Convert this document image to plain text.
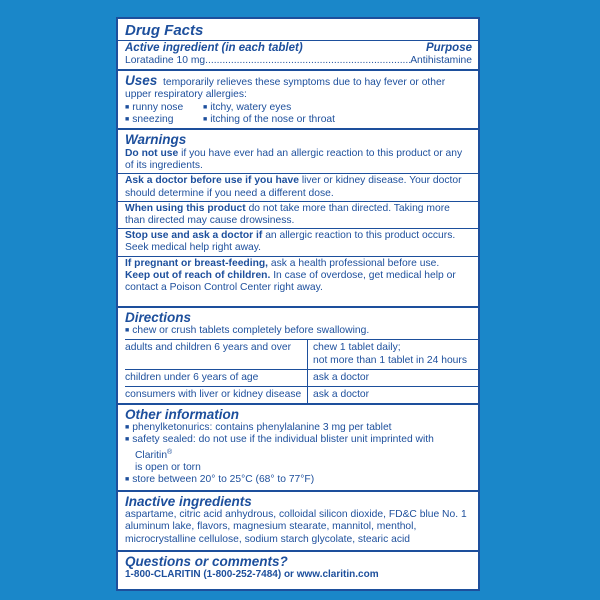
Drug Facts
Active ingredient (in each tablet)	Purpose
Loratadine 10 mg .....	Antihistamine
Uses temporarily relieves these symptoms due to hay fever or other upper respiratory allergies:
■ runny nose	■ itchy, watery eyes
■ sneezing	■ itching of the nose or throat
Warnings
Do not use if you have ever had an allergic reaction to this product or any of its ingredients.
Ask a doctor before use if you have liver or kidney disease. Your doctor should determine if you need a different dose.
When using this product do not take more than directed. Taking more than directed may cause drowsiness.
Stop use and ask a doctor if an allergic reaction to this product occurs. Seek medical help right away.
If pregnant or breast-feeding, ask a health professional before use.
Keep out of reach of children. In case of overdose, get medical help or contact a Poison Control Center right away.
Directions
■ chew or crush tablets completely before swallowing.
adults and children 6 years and over	chew 1 tablet daily;
not more than 1 tablet in 24 hours
children under 6 years of age	ask a doctor
consumers with liver or kidney disease	ask a doctor
Other information
■ phenylketonurics: contains phenylalanine 3 mg per tablet
■ safety sealed: do not use if the individual blister unit imprinted with Claritin®
is open or torn
■ store between 20° to 25°C (68° to 77°F)
Inactive ingredients
aspartame, citric acid anhydrous, colloidal silicon dioxide, FD&C blue No. 1 aluminum lake, flavors, magnesium stearate, mannitol, menthol, microcrystalline cellulose, sodium starch glycolate, stearic acid
Questions or comments?
1-800-CLARITIN (1-800-252-7484) or www.claritin.com
